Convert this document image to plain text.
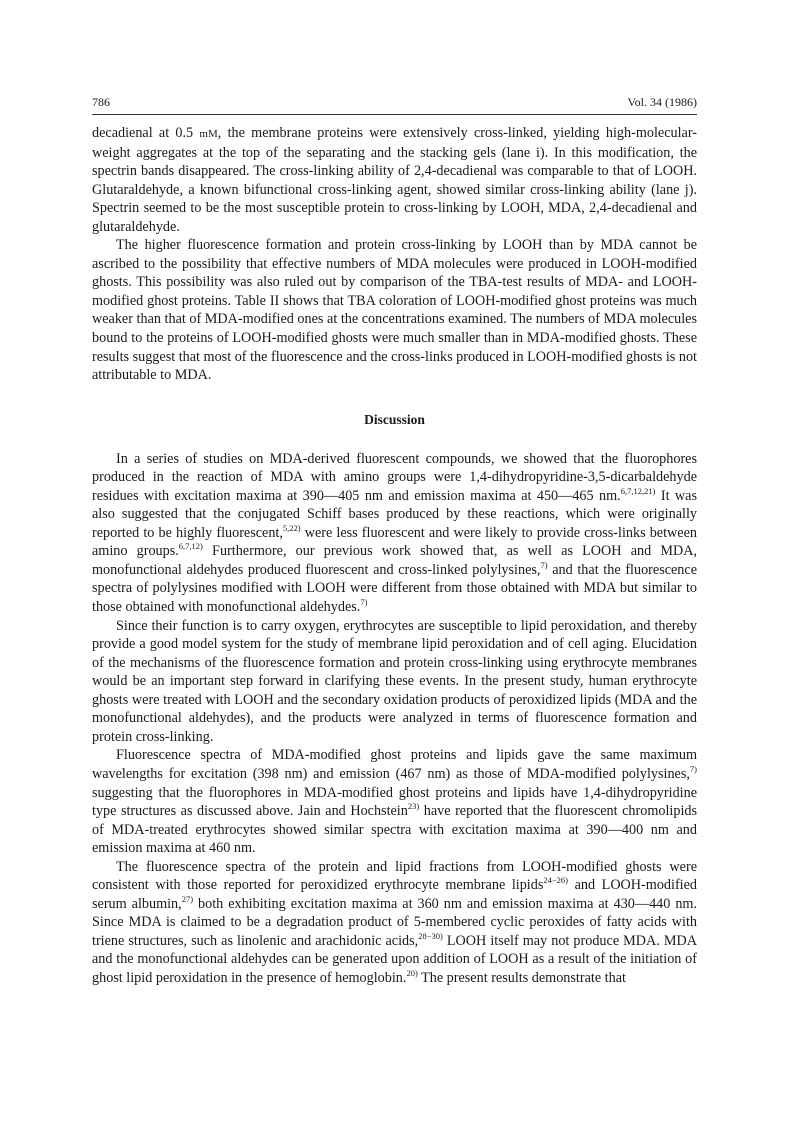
786	Vol. 34 (1986)

decadienal at 0.5 mM, the membrane proteins were extensively cross-linked, yielding high-molecular-weight aggregates at the top of the separating and the stacking gels (lane i). In this modification, the spectrin bands disappeared. The cross-linking ability of 2,4-decadienal was comparable to that of LOOH. Glutaraldehyde, a known bifunctional cross-linking agent, showed similar cross-linking ability (lane j). Spectrin seemed to be the most susceptible protein to cross-linking by LOOH, MDA, 2,4-decadienal and glutaraldehyde.

The higher fluorescence formation and protein cross-linking by LOOH than by MDA cannot be ascribed to the possibility that effective numbers of MDA molecules were produced in LOOH-modified ghosts. This possibility was also ruled out by comparison of the TBA-test results of MDA- and LOOH-modified ghost proteins. Table II shows that TBA coloration of LOOH-modified ghost proteins was much weaker than that of MDA-modified ones at the concentrations examined. The numbers of MDA molecules bound to the proteins of LOOH-modified ghosts were much smaller than in MDA-modified ghosts. These results suggest that most of the fluorescence and the cross-links produced in LOOH-modified ghosts is not attributable to MDA.

Discussion

In a series of studies on MDA-derived fluorescent compounds, we showed that the fluorophores produced in the reaction of MDA with amino groups were 1,4-dihydropyridine-3,5-dicarbaldehyde residues with excitation maxima at 390—405 nm and emission maxima at 450—465 nm.$^{6,7,12,21)}$ It was also suggested that the conjugated Schiff bases produced by these reactions, which were originally reported to be highly fluorescent,$^{5,22)}$ were less fluorescent and were likely to provide cross-links between amino groups.$^{6,7,12)}$ Furthermore, our previous work showed that, as well as LOOH and MDA, monofunctional aldehydes produced fluorescent and cross-linked polylysines,$^{7)}$ and that the fluorescence spectra of polylysines modified with LOOH were different from those obtained with MDA but similar to those obtained with monofunctional aldehydes.$^{7)}$

Since their function is to carry oxygen, erythrocytes are susceptible to lipid peroxidation, and thereby provide a good model system for the study of membrane lipid peroxidation and of cell aging. Elucidation of the mechanisms of the fluorescence formation and protein cross-linking using erythrocyte membranes would be an important step forward in clarifying these events. In the present study, human erythrocyte ghosts were treated with LOOH and the secondary oxidation products of peroxidized lipids (MDA and the monofunctional aldehydes), and the products were analyzed in terms of fluorescence formation and protein cross-linking.

Fluorescence spectra of MDA-modified ghost proteins and lipids gave the same maximum wavelengths for excitation (398 nm) and emission (467 nm) as those of MDA-modified polylysines,$^{7)}$ suggesting that the fluorophores in MDA-modified ghost proteins and lipids have 1,4-dihydropyridine type structures as discussed above. Jain and Hochstein$^{23)}$ have reported that the fluorescent chromolipids of MDA-treated erythrocytes showed similar spectra with excitation maxima at 390—400 nm and emission maxima at 460 nm.

The fluorescence spectra of the protein and lipid fractions from LOOH-modified ghosts were consistent with those reported for peroxidized erythrocyte membrane lipids$^{24-26)}$ and LOOH-modified serum albumin,$^{27)}$ both exhibiting excitation maxima at 360 nm and emission maxima at 430—440 nm. Since MDA is claimed to be a degradation product of 5-membered cyclic peroxides of fatty acids with triene structures, such as linolenic and arachidonic acids,$^{28-30)}$ LOOH itself may not produce MDA. MDA and the monofunctional aldehydes can be generated upon addition of LOOH as a result of the initiation of ghost lipid peroxidation in the presence of hemoglobin.$^{20)}$ The present results demonstrate that
